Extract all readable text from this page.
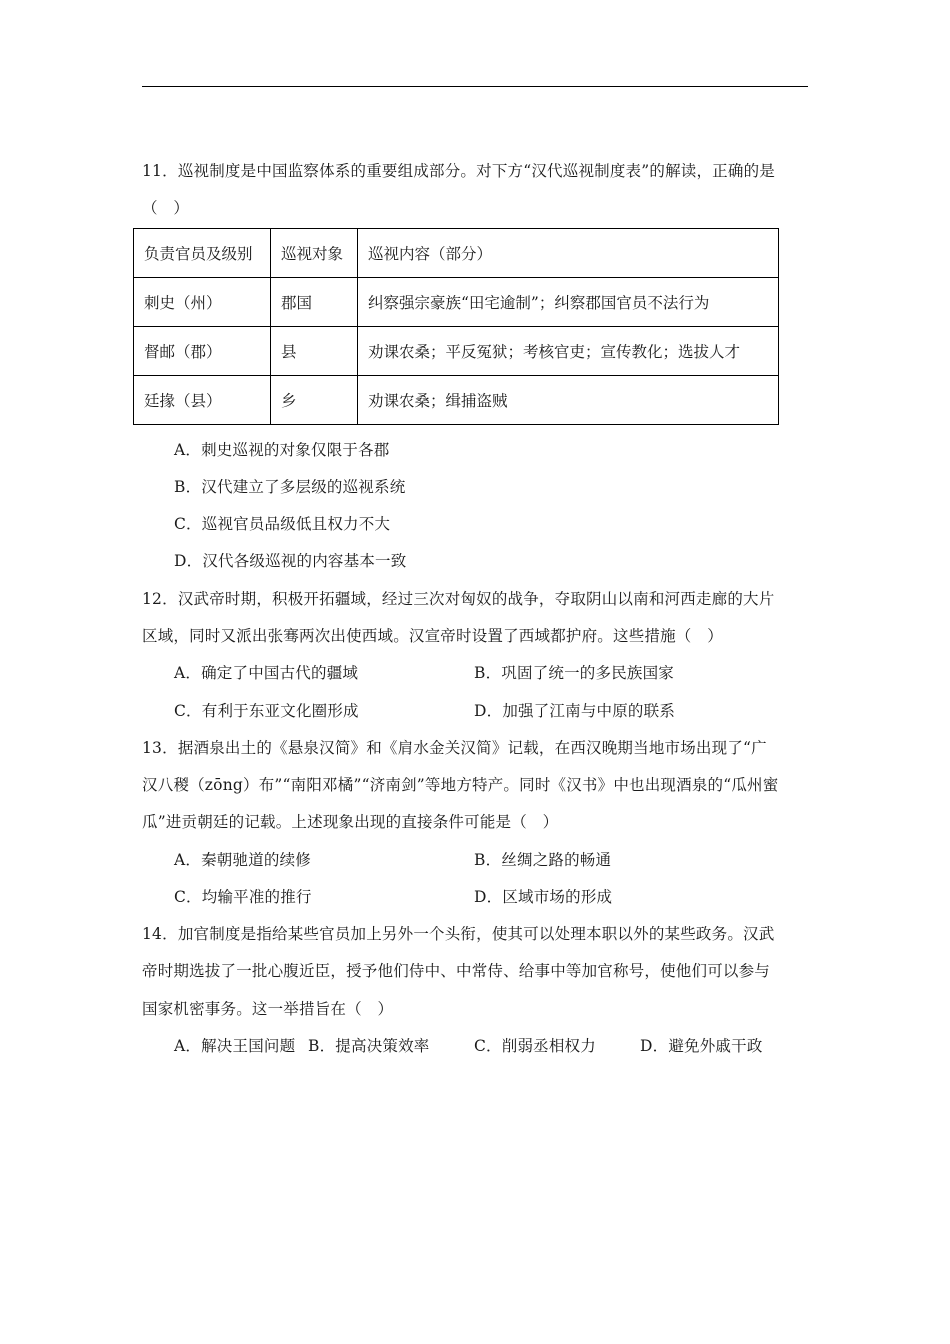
11．巡视制度是中国监察体系的重要组成部分。对下方“汉代巡视制度表”的解读，正确的是
（　）
负责官员及级别	巡视对象	巡视内容（部分）
刺史（州）	郡国	纠察强宗豪族“田宅逾制”；纠察郡国官员不法行为
督邮（郡）	县	劝课农桑；平反冤狱；考核官吏；宣传教化；选拔人才
廷掾（县）	乡	劝课农桑；缉捕盗贼
A．刺史巡视的对象仅限于各郡
B．汉代建立了多层级的巡视系统
C．巡视官员品级低且权力不大
D．汉代各级巡视的内容基本一致
12．汉武帝时期，积极开拓疆域，经过三次对匈奴的战争，夺取阴山以南和河西走廊的大片
区域，同时又派出张骞两次出使西域。汉宣帝时设置了西域都护府。这些措施（　）
A．确定了中国古代的疆域	B．巩固了统一的多民族国家
C．有利于东亚文化圈形成	D．加强了江南与中原的联系
13．据酒泉出土的《悬泉汉简》和《肩水金关汉简》记载，在西汉晚期当地市场出现了“广
汉八稯（zōng）布”“南阳邓橘”“济南剑”等地方特产。同时《汉书》中也出现酒泉的“瓜州蜜
瓜”进贡朝廷的记载。上述现象出现的直接条件可能是（　）
A．秦朝驰道的续修	B．丝绸之路的畅通
C．均输平准的推行	D．区域市场的形成
14．加官制度是指给某些官员加上另外一个头衔，使其可以处理本职以外的某些政务。汉武
帝时期选拔了一批心腹近臣，授予他们侍中、中常侍、给事中等加官称号，使他们可以参与
国家机密事务。这一举措旨在（　）
A．解决王国问题 B．提高决策效率	C．削弱丞相权力	D．避免外戚干政
